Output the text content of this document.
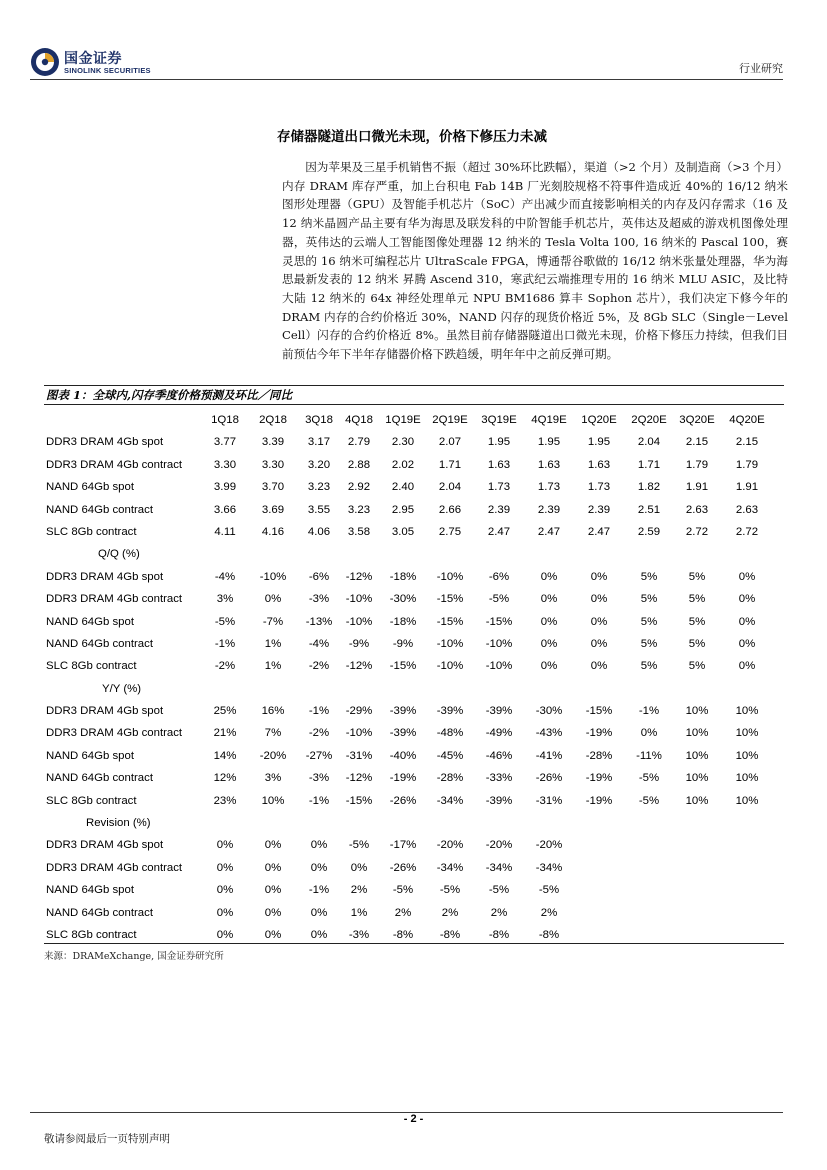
国金证券
SINOLINK SECURITIES	行业研究
存储器隧道出口微光未现，价格下修压力未减

　　因为苹果及三星手机销售不振（超过 30%环比跌幅），渠道（>2 个月）及制造商（>3 个月）内存 DRAM 库存严重，加上台积电 Fab 14B 厂光刻胶规格不符事件造成近 40%的 16/12 纳米图形处理器（GPU）及智能手机芯片（SoC）产出减少而直接影响相关的内存及闪存需求（16 及 12 纳米晶圆产品主要有华为海思及联发科的中阶智能手机芯片，英伟达及超威的游戏机图像处理器，英伟达的云端人工智能图像处理器 12 纳米的 Tesla Volta 100, 16 纳米的 Pascal 100，赛灵思的 16 纳米可编程芯片 UltraScale FPGA，博通帮谷歌做的 16/12 纳米张量处理器，华为海思最新发表的 12 纳米 昇腾 Ascend 310，寒武纪云端推理专用的 16 纳米 MLU ASIC，及比特大陆 12 纳米的 64x 神经处理单元 NPU BM1686 算丰 Sophon 芯片），我们决定下修今年的 DRAM 内存的合约价格近 30%，NAND 闪存的现货价格近 5%，及 8Gb SLC（Single－Level Cell）闪存的合约价格近 8%。虽然目前存储器隧道出口微光未现，价格下修压力持续，但我们目前预估今年下半年存储器价格下跌趋缓，明年年中之前反弹可期。

图表 1：全球内,闪存季度价格预测及环比／同比
1Q18	2Q18	3Q18	4Q18	1Q19E	2Q19E	3Q19E	4Q19E	1Q20E	2Q20E	3Q20E	4Q20E
DDR3 DRAM 4Gb spot	3.77	3.39	3.17	2.79	2.30	2.07	1.95	1.95	1.95	2.04	2.15	2.15
DDR3 DRAM 4Gb contract	3.30	3.30	3.20	2.88	2.02	1.71	1.63	1.63	1.63	1.71	1.79	1.79
NAND 64Gb spot	3.99	3.70	3.23	2.92	2.40	2.04	1.73	1.73	1.73	1.82	1.91	1.91
NAND 64Gb contract	3.66	3.69	3.55	3.23	2.95	2.66	2.39	2.39	2.39	2.51	2.63	2.63
SLC 8Gb contract	4.11	4.16	4.06	3.58	3.05	2.75	2.47	2.47	2.47	2.59	2.72	2.72
Q/Q (%)
DDR3 DRAM 4Gb spot	-4%	-10%	-6%	-12%	-18%	-10%	-6%	0%	0%	5%	5%	0%
DDR3 DRAM 4Gb contract	3%	0%	-3%	-10%	-30%	-15%	-5%	0%	0%	5%	5%	0%
NAND 64Gb spot	-5%	-7%	-13%	-10%	-18%	-15%	-15%	0%	0%	5%	5%	0%
NAND 64Gb contract	-1%	1%	-4%	-9%	-9%	-10%	-10%	0%	0%	5%	5%	0%
SLC 8Gb contract	-2%	1%	-2%	-12%	-15%	-10%	-10%	0%	0%	5%	5%	0%
Y/Y (%)
DDR3 DRAM 4Gb spot	25%	16%	-1%	-29%	-39%	-39%	-39%	-30%	-15%	-1%	10%	10%
DDR3 DRAM 4Gb contract	21%	7%	-2%	-10%	-39%	-48%	-49%	-43%	-19%	0%	10%	10%
NAND 64Gb spot	14%	-20%	-27%	-31%	-40%	-45%	-46%	-41%	-28%	-11%	10%	10%
NAND 64Gb contract	12%	3%	-3%	-12%	-19%	-28%	-33%	-26%	-19%	-5%	10%	10%
SLC 8Gb contract	23%	10%	-1%	-15%	-26%	-34%	-39%	-31%	-19%	-5%	10%	10%
Revision (%)
DDR3 DRAM 4Gb spot	0%	0%	0%	-5%	-17%	-20%	-20%	-20%
DDR3 DRAM 4Gb contract	0%	0%	0%	0%	-26%	-34%	-34%	-34%
NAND 64Gb spot	0%	0%	-1%	2%	-5%	-5%	-5%	-5%
NAND 64Gb contract	0%	0%	0%	1%	2%	2%	2%	2%
SLC 8Gb contract	0%	0%	0%	-3%	-8%	-8%	-8%	-8%
来源：DRAMeXchange, 国金证券研究所
- 2 -
敬请参阅最后一页特别声明
